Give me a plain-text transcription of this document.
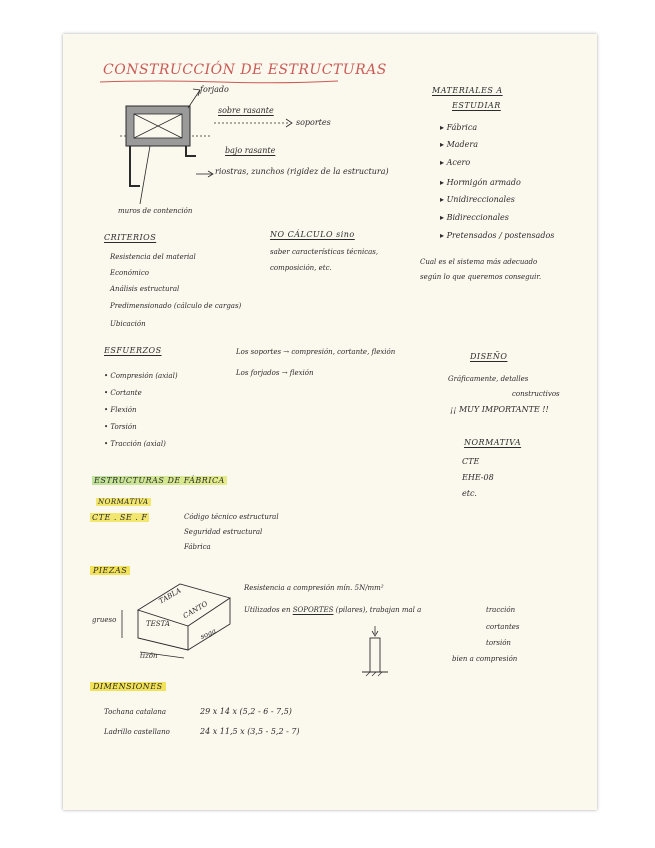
CONSTRUCCIÓN DE ESTRUCTURAS
forjado
sobre rasante
soportes
bajo rasante
riostras, zunchos (rigidez de la estructura)
muros de contención
MATERIALES A
ESTUDIAR
▸ Fábrica
▸ Madera
▸ Acero
▸ Hormigón armado
▸ Unidireccionales
▸ Bidireccionales
▸ Pretensados / postensados
Cual es el sistema más adecuado
según lo que queremos conseguir.
CRITERIOS
Resistencia del material
Económico
Análisis estructural
Predimensionado (cálculo de cargas)
Ubicación
NO CÁLCULO sino
saber características técnicas,
composición, etc.
ESFUERZOS
• Compresión (axial)
• Cortante
• Flexión
• Torsión
• Tracción (axial)
Los soportes → compresión, cortante, flexión
Los forjados → flexión
DISEÑO
Gráficamente, detalles
constructivos
¡¡ MUY IMPORTANTE !!
NORMATIVA
CTE
EHE-08
etc.
ESTRUCTURAS DE FÁBRICA
NORMATIVA
CTE . SE . F	Código técnico estructural
Seguridad estructural
Fábrica
PIEZAS
TABLA
CANTO
TESTA
grueso
soga
tizón
Resistencia a compresión mín. 5N/mm²
Utilizados en SOPORTES (pilares), trabajan mal a	tracción
cortantes
torsión
bien a compresión
DIMENSIONES
Tochana catalana	29 x 14 x (5,2 - 6 - 7,5)
Ladrillo castellano	24 x 11,5 x (3,5 - 5,2 - 7)
